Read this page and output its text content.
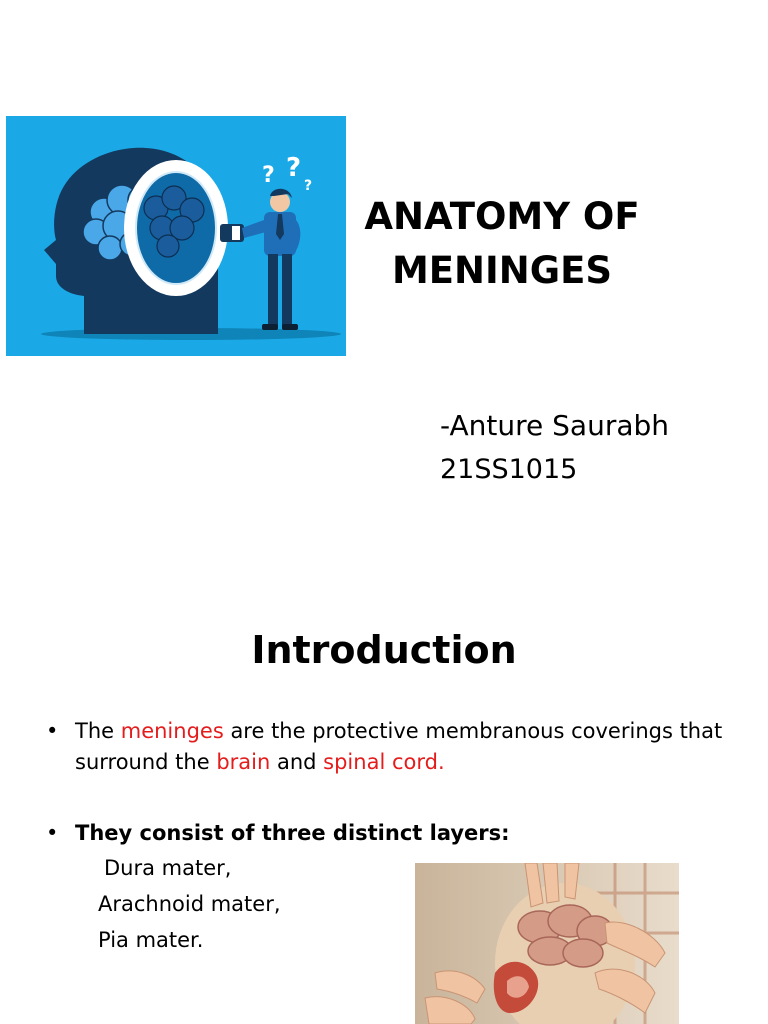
? ?
?
ANATOMY OF
MENINGES
-Anture Saurabh
21SS1015
Introduction
• The meninges are the protective membranous coverings that surround the brain and spinal cord.
• They consist of three distinct layers:
Dura mater,
Arachnoid mater,
Pia mater.
